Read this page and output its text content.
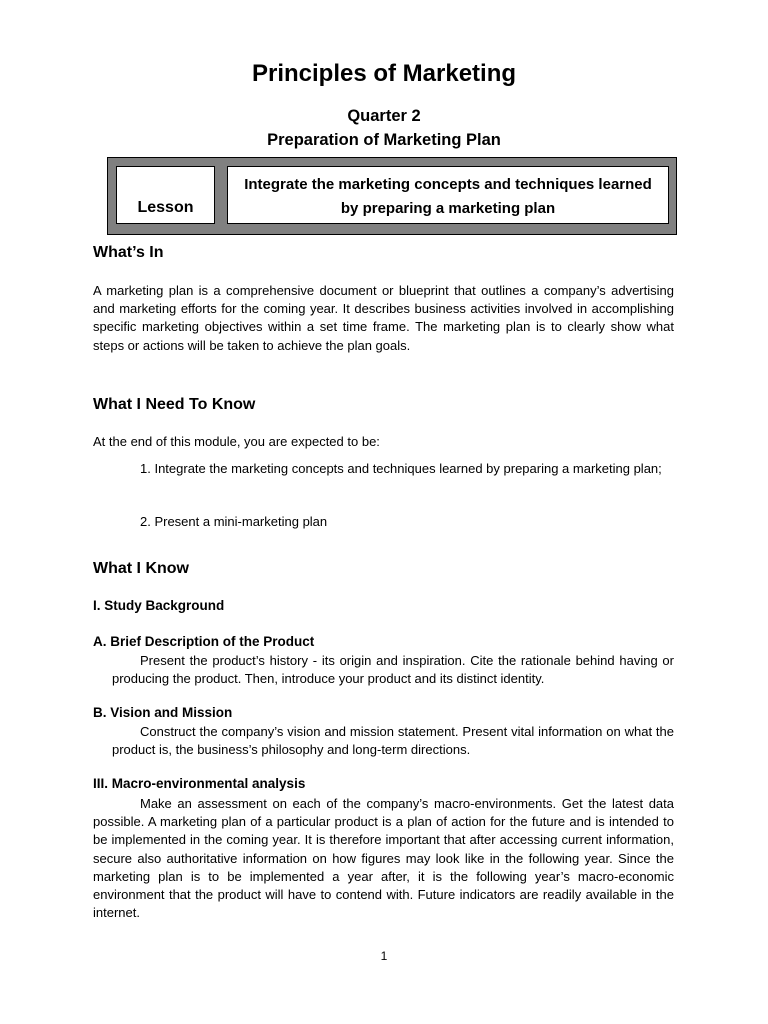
Principles of Marketing
Quarter 2
Preparation of Marketing Plan
Lesson
Integrate the marketing concepts and techniques learned by preparing a marketing plan
What’s In
A marketing plan is a comprehensive document or blueprint that outlines a company’s advertising and marketing efforts for the coming year. It describes business activities involved in accomplishing specific marketing objectives within a set time frame. The marketing plan is to clearly show what steps or actions will be taken to achieve the plan goals.
What I Need To Know
At the end of this module, you are expected to be:
1. Integrate the marketing concepts and techniques learned by preparing a marketing plan;
2. Present a mini-marketing plan
What I Know
I. Study Background
A. Brief Description of the Product
Present the product’s history - its origin and inspiration. Cite the rationale behind having or producing the product. Then, introduce your product and its distinct identity.
B. Vision and Mission
Construct the company’s vision and mission statement. Present vital information on what the product is, the business’s philosophy and long-term directions.
III. Macro-environmental analysis
Make an assessment on each of the company’s macro-environments. Get the latest data possible. A marketing plan of a particular product is a plan of action for the future and is intended to be implemented in the coming year. It is therefore important that after accessing current information, secure also authoritative information on how figures may look like in the following year. Since the marketing plan is to be implemented a year after, it is the following year’s macro-economic environment that the product will have to contend with. Future indicators are readily available in the internet.
1
